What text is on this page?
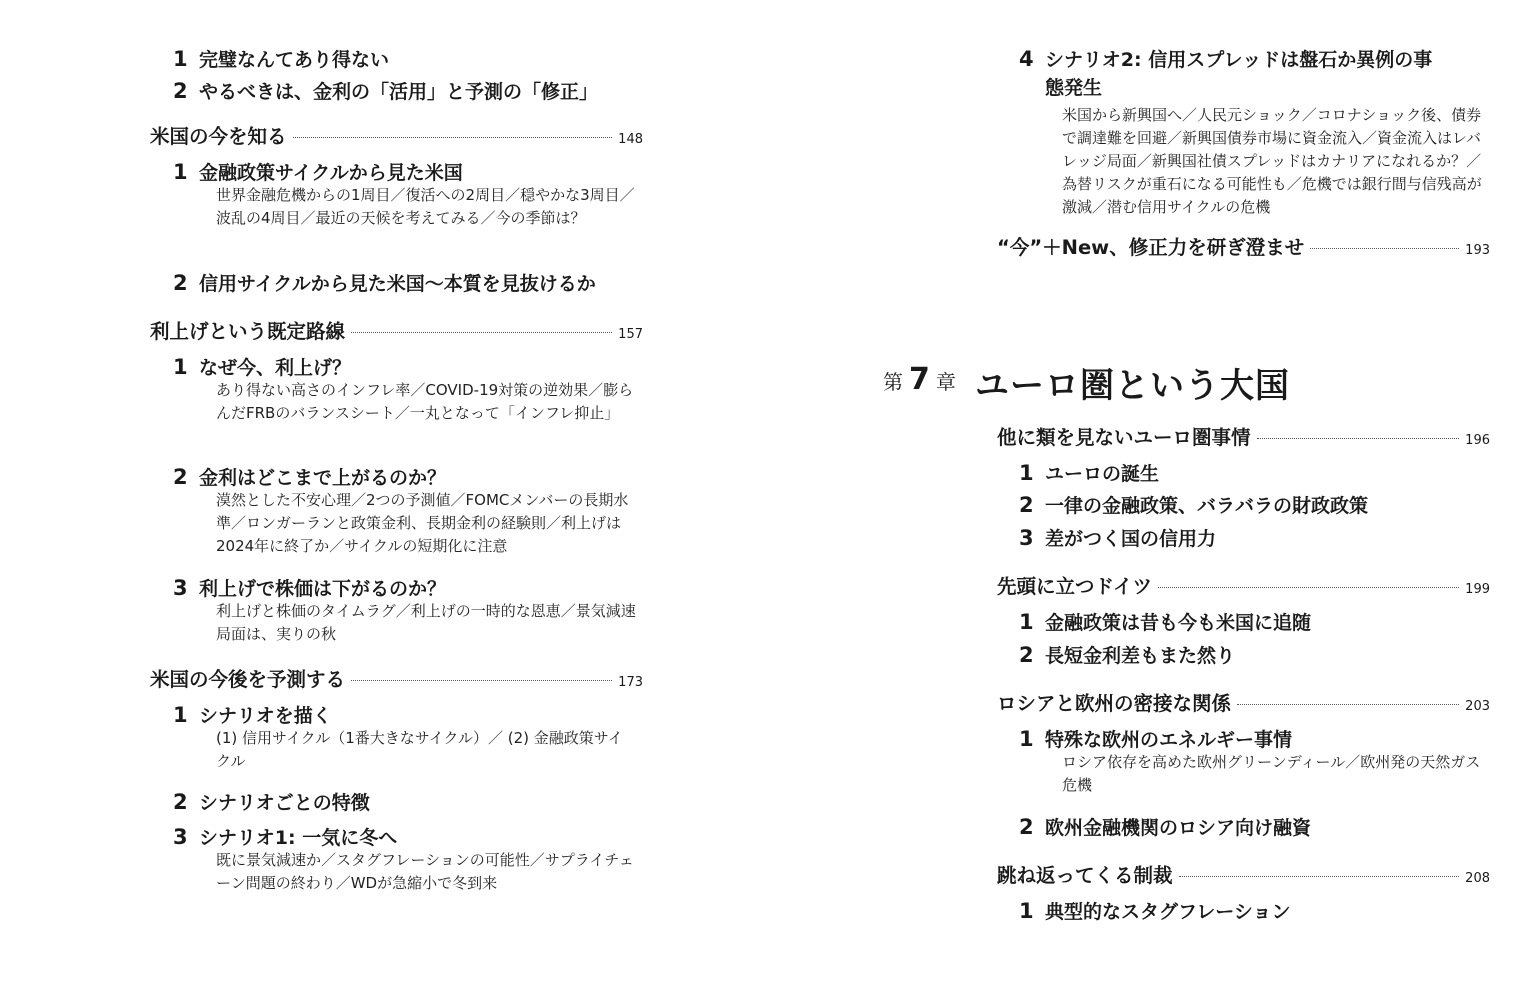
1 完璧なんてあり得ない
2 やるべきは、金利の「活用」と予測の「修正」
米国の今を知る	148
1 金融政策サイクルから見た米国
世界金融危機からの1周目／復活への2周目／穏やかな3周目／波乱の4周目／最近の天候を考えてみる／今の季節は？
2 信用サイクルから見た米国〜本質を見抜けるか
利上げという既定路線	157
1 なぜ今、利上げ？
あり得ない高さのインフレ率／COVID-19対策の逆効果／膨らんだFRBのバランスシート／一丸となって「インフレ抑止」
2 金利はどこまで上がるのか？
漠然とした不安心理／2つの予測値／FOMCメンバーの長期水準／ロンガーランと政策金利、長期金利の経験則／利上げは2024年に終了か／サイクルの短期化に注意
3 利上げで株価は下がるのか？
利上げと株価のタイムラグ／利上げの一時的な恩恵／景気減速局面は、実りの秋
米国の今後を予測する	173
1 シナリオを描く
(1) 信用サイクル（1番大きなサイクル）／ (2) 金融政策サイクル
2 シナリオごとの特徴
3 シナリオ1: 一気に冬へ
既に景気減速か／スタグフレーションの可能性／サプライチェーン問題の終わり／WDが急縮小で冬到来
4 シナリオ2: 信用スプレッドは盤石か異例の事
態発生
米国から新興国へ／人民元ショック／コロナショック後、債券で調達難を回避／新興国債券市場に資金流入／資金流入はレバレッジ局面／新興国社債スプレッドはカナリアになれるか？／為替リスクが重石になる可能性も／危機では銀行間与信残高が激減／潜む信用サイクルの危機
“今”＋New、修正力を研ぎ澄ませ	193
第 7 章 ユーロ圏という大国
他に類を見ないユーロ圏事情	196
1 ユーロの誕生
2 一律の金融政策、バラバラの財政政策
3 差がつく国の信用力
先頭に立つドイツ	199
1 金融政策は昔も今も米国に追随
2 長短金利差もまた然り
ロシアと欧州の密接な関係	203
1 特殊な欧州のエネルギー事情
ロシア依存を高めた欧州グリーンディール／欧州発の天然ガス危機
2 欧州金融機関のロシア向け融資
跳ね返ってくる制裁	208
1 典型的なスタグフレーション
